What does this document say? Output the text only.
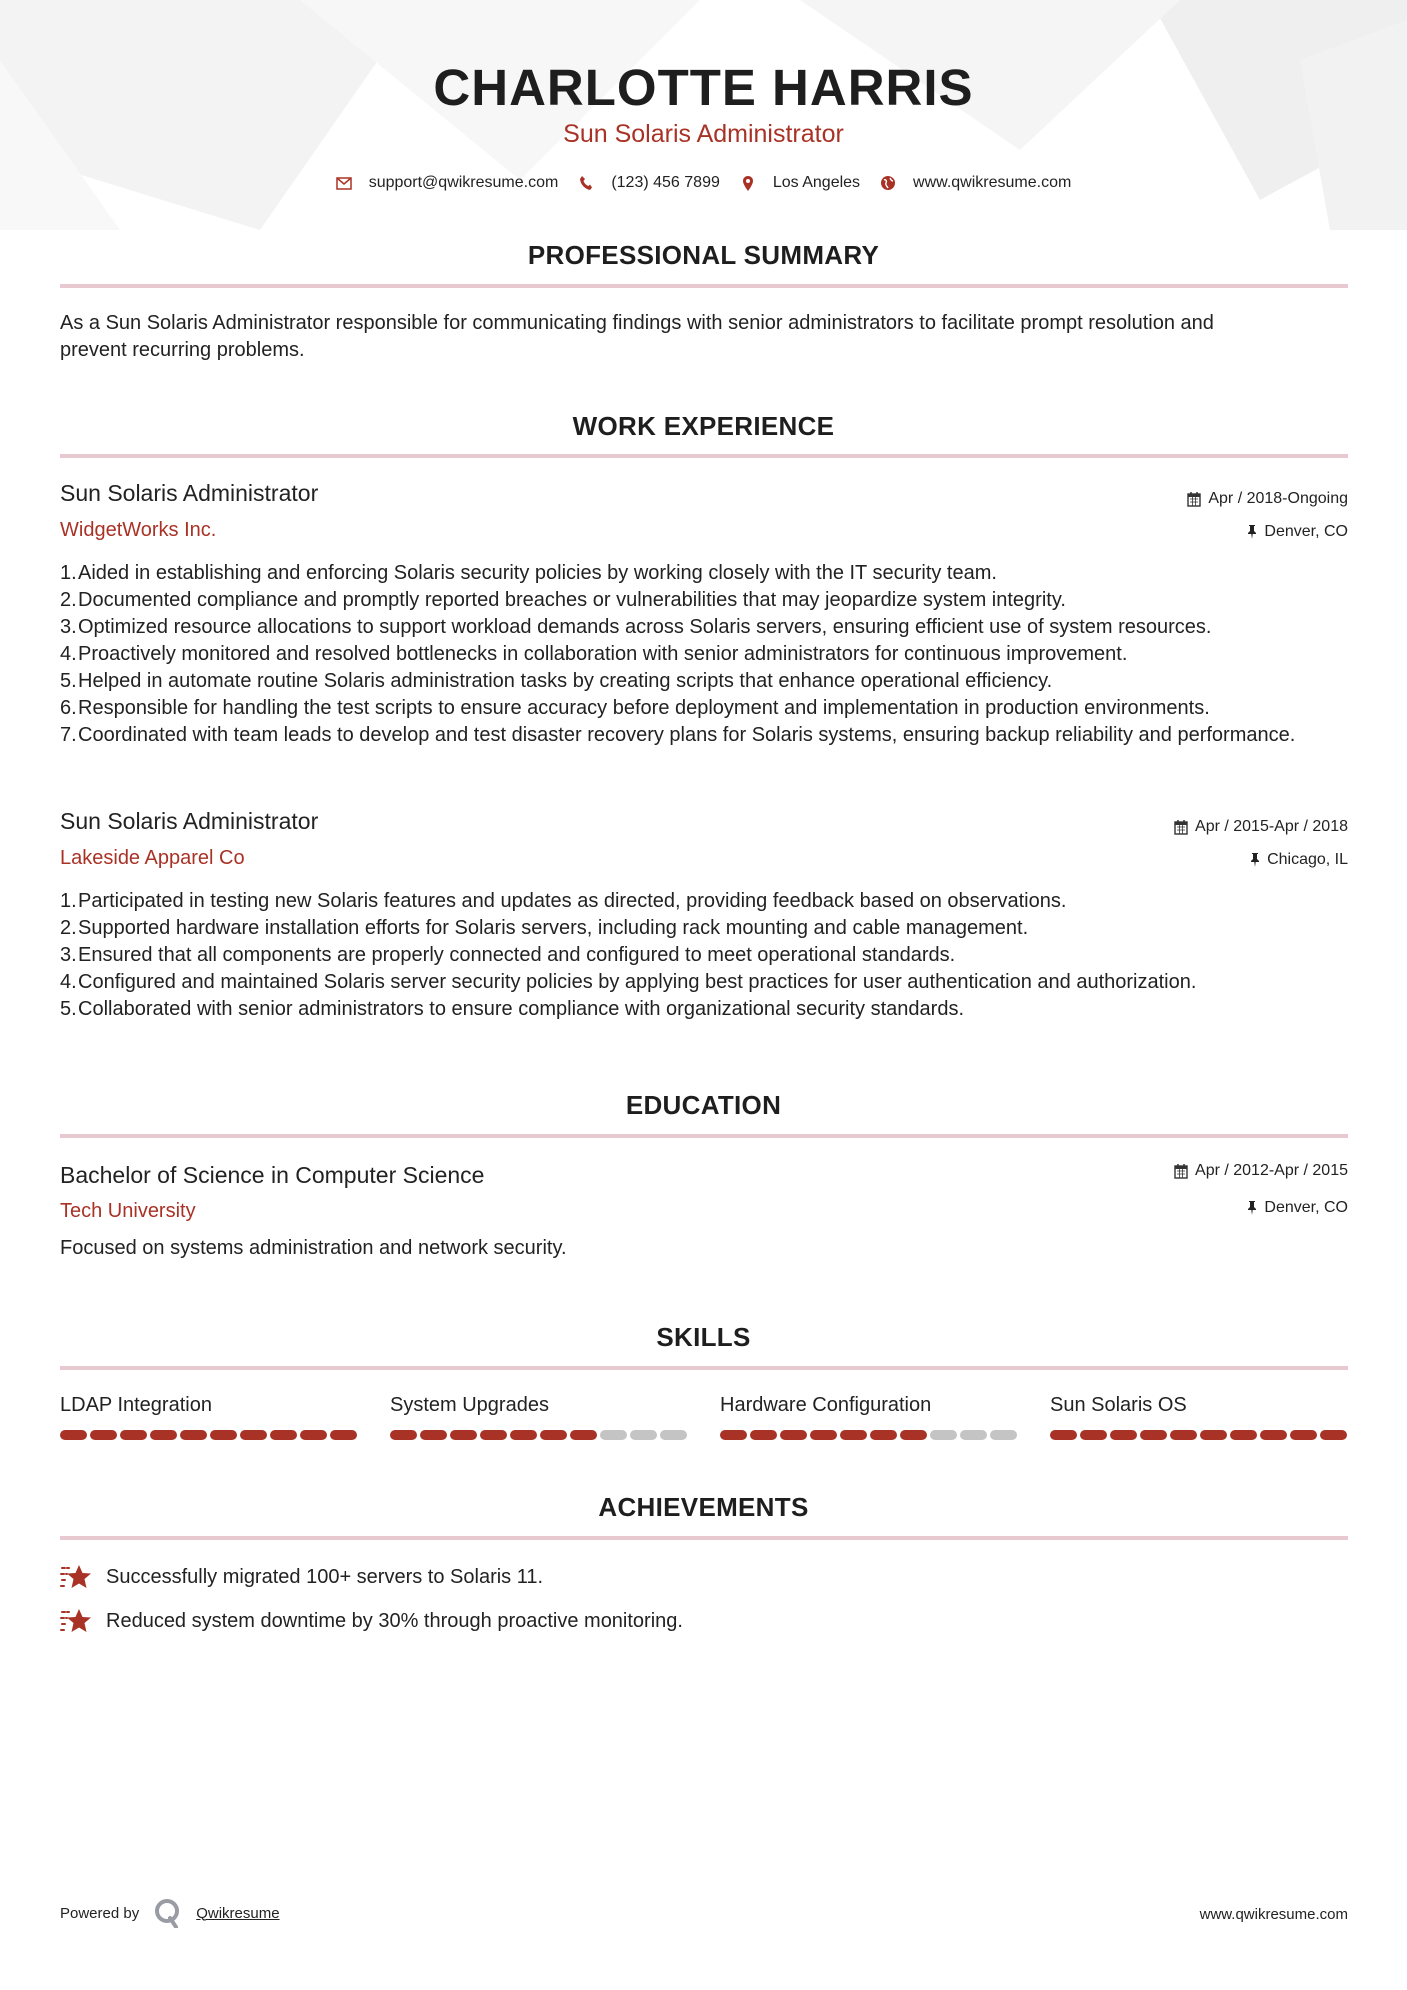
CHARLOTTE HARRIS
Sun Solaris Administrator
support@qwikresume.com	(123) 456 7899	Los Angeles	www.qwikresume.com
PROFESSIONAL SUMMARY
As a Sun Solaris Administrator responsible for communicating findings with senior administrators to facilitate prompt resolution and
prevent recurring problems.
WORK EXPERIENCE
Sun Solaris Administrator	Apr / 2018-Ongoing
WidgetWorks Inc.	Denver, CO
1. Aided in establishing and enforcing Solaris security policies by working closely with the IT security team.
2. Documented compliance and promptly reported breaches or vulnerabilities that may jeopardize system integrity.
3. Optimized resource allocations to support workload demands across Solaris servers, ensuring efficient use of system resources.
4. Proactively monitored and resolved bottlenecks in collaboration with senior administrators for continuous improvement.
5. Helped in automate routine Solaris administration tasks by creating scripts that enhance operational efficiency.
6. Responsible for handling the test scripts to ensure accuracy before deployment and implementation in production environments.
7. Coordinated with team leads to develop and test disaster recovery plans for Solaris systems, ensuring backup reliability and performance.
Sun Solaris Administrator	Apr / 2015-Apr / 2018
Lakeside Apparel Co	Chicago, IL
1. Participated in testing new Solaris features and updates as directed, providing feedback based on observations.
2. Supported hardware installation efforts for Solaris servers, including rack mounting and cable management.
3. Ensured that all components are properly connected and configured to meet operational standards.
4. Configured and maintained Solaris server security policies by applying best practices for user authentication and authorization.
5. Collaborated with senior administrators to ensure compliance with organizational security standards.
EDUCATION
Bachelor of Science in Computer Science	Apr / 2012-Apr / 2015
Tech University	Denver, CO
Focused on systems administration and network security.
SKILLS
LDAP Integration	System Upgrades	Hardware Configuration	Sun Solaris OS
ACHIEVEMENTS
Successfully migrated 100+ servers to Solaris 11.
Reduced system downtime by 30% through proactive monitoring.
Powered by	Qwikresume	www.qwikresume.com
